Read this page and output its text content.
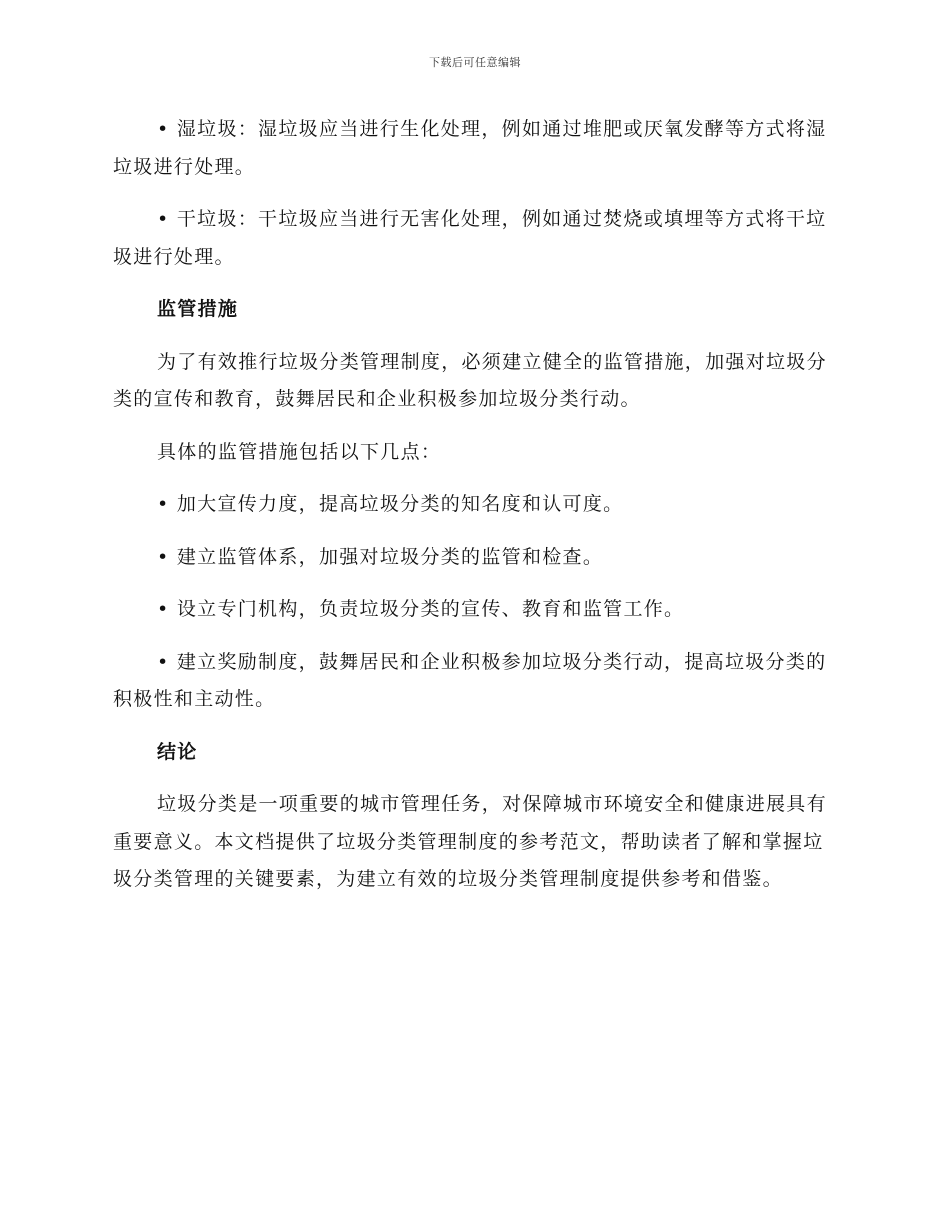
下载后可任意编辑

• 湿垃圾：湿垃圾应当进行生化处理，例如通过堆肥或厌氧发酵等方式将湿垃圾进行处理。

• 干垃圾：干垃圾应当进行无害化处理，例如通过焚烧或填埋等方式将干垃圾进行处理。

监管措施

为了有效推行垃圾分类管理制度，必须建立健全的监管措施，加强对垃圾分类的宣传和教育，鼓舞居民和企业积极参加垃圾分类行动。

具体的监管措施包括以下几点：

• 加大宣传力度，提高垃圾分类的知名度和认可度。

• 建立监管体系，加强对垃圾分类的监管和检查。

• 设立专门机构，负责垃圾分类的宣传、教育和监管工作。

• 建立奖励制度，鼓舞居民和企业积极参加垃圾分类行动，提高垃圾分类的积极性和主动性。

结论

垃圾分类是一项重要的城市管理任务，对保障城市环境安全和健康进展具有重要意义。本文档提供了垃圾分类管理制度的参考范文，帮助读者了解和掌握垃圾分类管理的关键要素，为建立有效的垃圾分类管理制度提供参考和借鉴。
